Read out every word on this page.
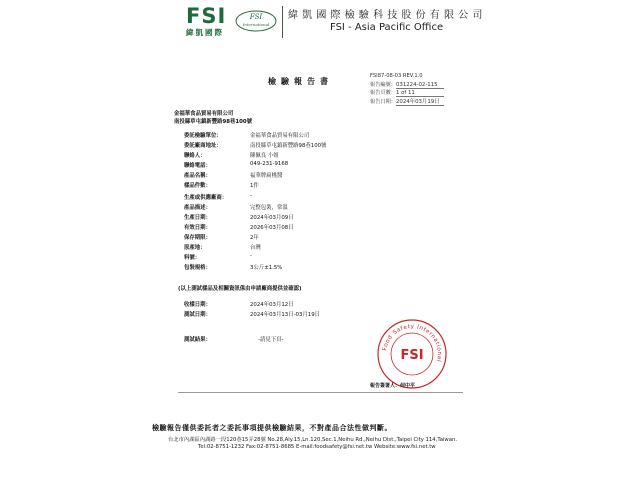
FSI
緯凱國際
FSI
International
緯 凱 國 際 檢 驗 科 技 股 份 有 限 公 司
FSI - Asia Pacific Office
檢驗報告書
FSI87-08-03 REV.1.0
報告編號：031224-02-115
報告頁數：1 of 11
報告日期：2024年03月19日
金福華食品貿易有限公司
南投縣草屯鎮新豐路98巷100號
委託檢驗單位：	金福華食品貿易有限公司
委託廠商地址：	南投縣草屯鎮新豐路98巷100號
聯絡人：	陳佩良 小姐
聯絡電話：	049-231-9168
產品名稱：	福華牌扁桃醬
樣品件數：	1件
生產或供應廠商：	-
產品描述：	完整包裝，常溫
生產日期：	2024年03月09日
有效日期：	2026年03月08日
保存期限：	2年
原產地：	台灣
料號：	-
包裝規格：	3公斤±1.5%
(以上測試樣品及相關資訊係由申請廠商提供並確認)
收樣日期：	2024年03月12日
測試日期：	2024年03月13日-03月19日
測試結果：	-請見下頁-
Food Safety International
FSI
報告簽署人：何中平
檢驗報告僅供委託者之委託事項提供檢驗結果，不對產品合法性做判斷。
台北市內湖區內湖路一段120巷15弄28號 No.28,Aly.15,Ln.120,Sec.1,Neihu Rd.,Neihu Dist.,Taipei City 114,Taiwan.
Tel:02-8751-1232 Fax:02-8751-8685 E-mail:foodsafety@fsi.net.tw Website:www.fsi.net.tw
